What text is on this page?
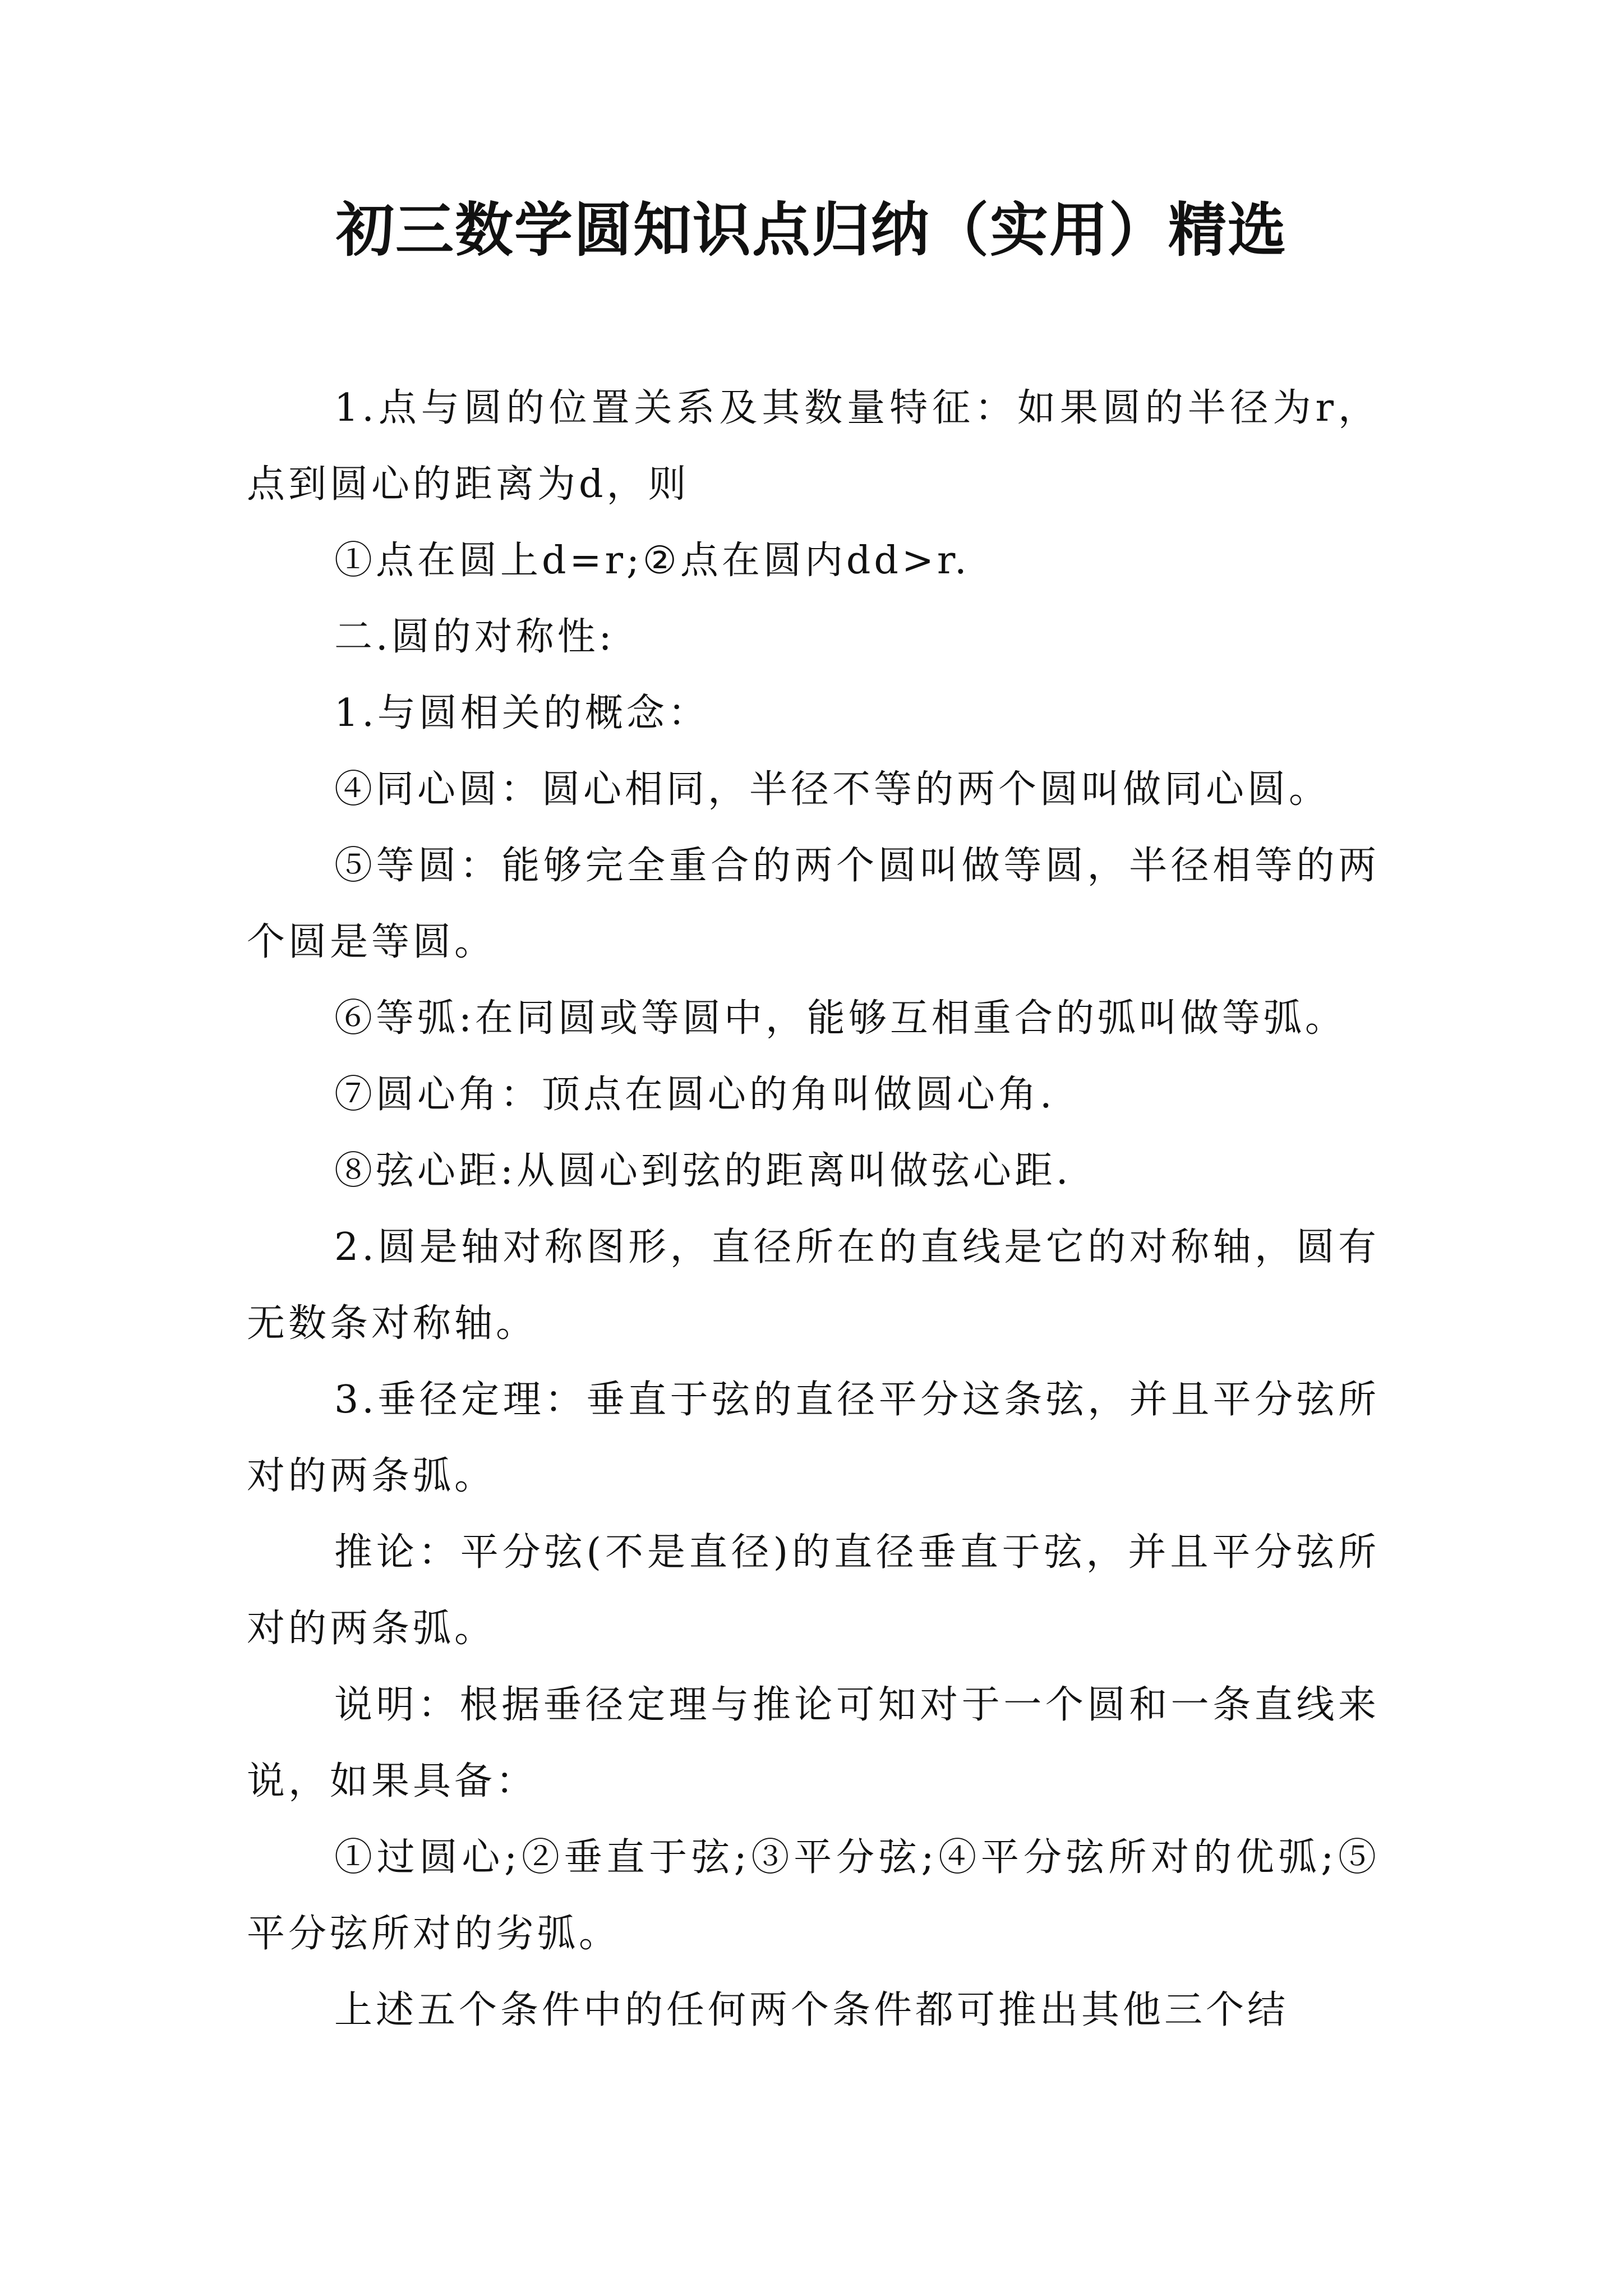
初三数学圆知识点归纳（实用）精选

1.点与圆的位置关系及其数量特征：如果圆的半径为r，点到圆心的距离为d，则

①点在圆上d=r;②点在圆内dd>r.

二.圆的对称性:

1.与圆相关的概念：

④同心圆：圆心相同，半径不等的两个圆叫做同心圆。

⑤等圆：能够完全重合的两个圆叫做等圆，半径相等的两个圆是等圆。

⑥等弧:在同圆或等圆中，能够互相重合的弧叫做等弧。

⑦圆心角：顶点在圆心的角叫做圆心角.

⑧弦心距:从圆心到弦的距离叫做弦心距.

2.圆是轴对称图形，直径所在的直线是它的对称轴，圆有无数条对称轴。

3.垂径定理：垂直于弦的直径平分这条弦，并且平分弦所对的两条弧。

推论：平分弦(不是直径)的直径垂直于弦，并且平分弦所对的两条弧。

说明：根据垂径定理与推论可知对于一个圆和一条直线来说，如果具备：

①过圆心;②垂直于弦;③平分弦;④平分弦所对的优弧;⑤平分弦所对的劣弧。

上述五个条件中的任何两个条件都可推出其他三个结
